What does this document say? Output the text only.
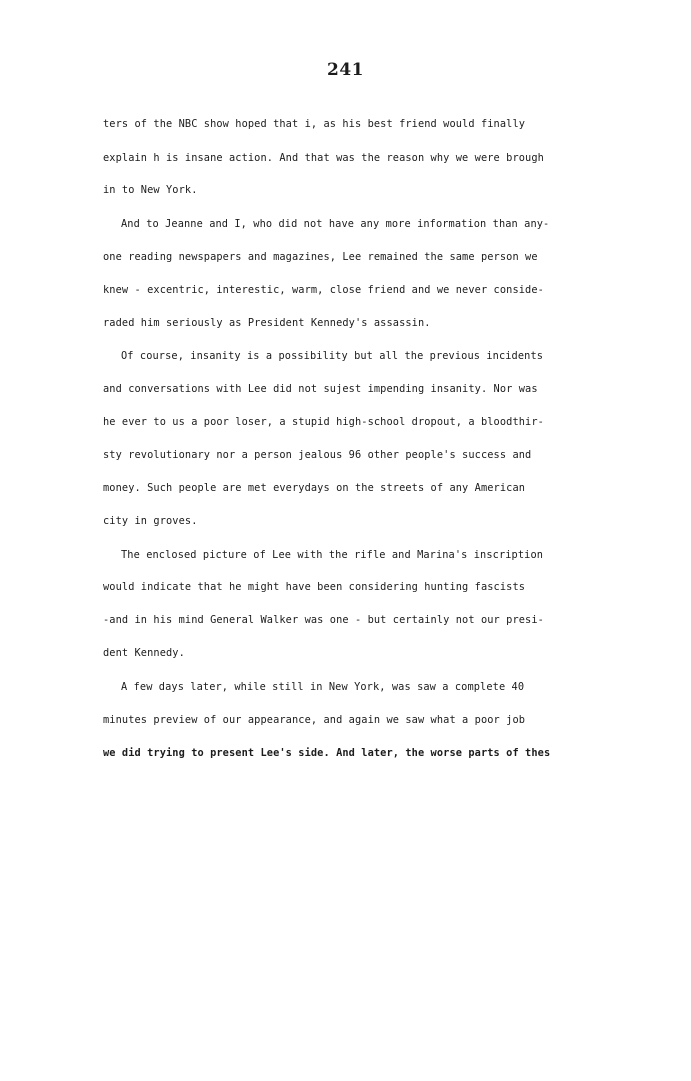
241
ters of the NBC show hoped that i, as his best friend would finally
explain h is insane action. And that was the reason why we were brough
in to New York.
And to Jeanne and I, who did not have any more information than any-
one reading newspapers and magazines, Lee remained the same person we
knew - excentric, interestic, warm, close friend and we never conside-
raded him seriously as President Kennedy's assassin.
Of course, insanity is a possibility but all the previous incidents
and conversations with Lee did not sujest impending insanity. Nor was
he ever to us a poor loser, a stupid high-school dropout, a bloodthir-
sty revolutionary nor a person jealous 96 other people's success and
money. Such people are met everydays on the streets of any American
city in groves.
The enclosed picture of Lee with the rifle and Marina's inscription
would indicate that he might have been considering hunting fascists
-and in his mind General Walker was one - but certainly not our presi-
dent Kennedy.
A few days later, while still in New York, was saw a complete 40
minutes preview of our appearance, and again we saw what a poor job
we did trying to present Lee's side. And later, the worse parts of thes
